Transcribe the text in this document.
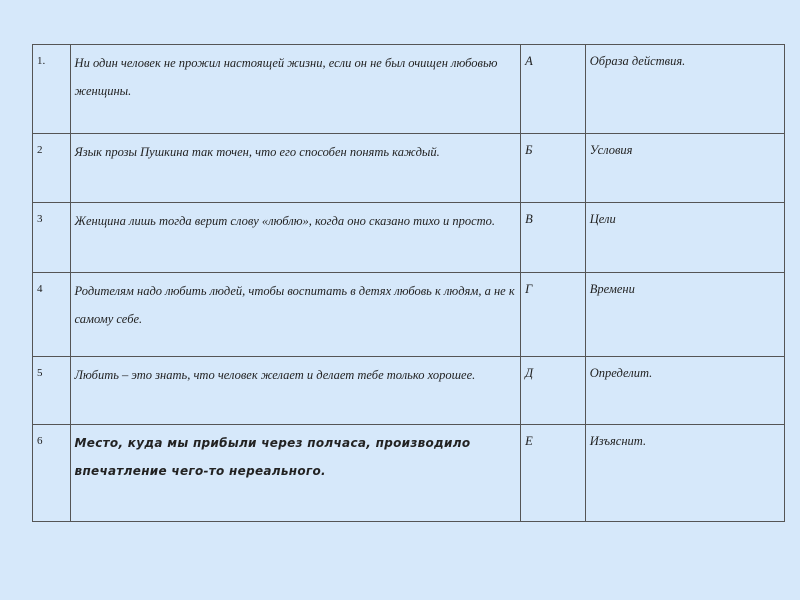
1.	Ни один человек не прожил настоящей жизни, если он не был очищен любовью женщины.	А	Образа действия.
2	Язык прозы Пушкина так точен, что его способен понять каждый.	Б	Условия
3	Женщина лишь тогда верит слову «люблю», когда оно сказано тихо и просто.	В	Цели
4	Родителям надо любить людей, чтобы воспитать в детях любовь к людям, а не к самому себе.	Г	Времени
5	Любить – это знать, что человек желает и делает тебе только хорошее.	Д	Определит.
6	Место, куда мы прибыли через полчаса, производило впечатление чего-то нереального.	Е	Изъяснит.
